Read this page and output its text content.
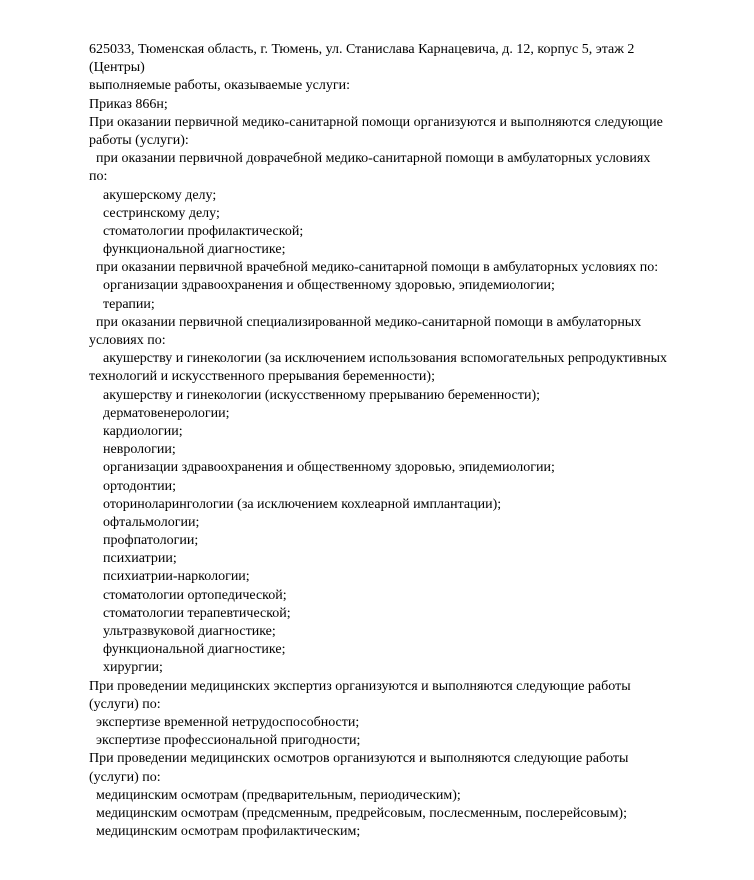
625033, Тюменская область, г. Тюмень, ул. Станислава Карнацевича, д. 12, корпус 5, этаж 2
(Центры)
выполняемые работы, оказываемые услуги:
Приказ 866н;
При оказании первичной медико-санитарной помощи организуются и выполняются следующие
работы (услуги):
при оказании первичной доврачебной медико-санитарной помощи в амбулаторных условиях
по:
акушерскому делу;
сестринскому делу;
стоматологии профилактической;
функциональной диагностике;
при оказании первичной врачебной медико-санитарной помощи в амбулаторных условиях по:
организации здравоохранения и общественному здоровью, эпидемиологии;
терапии;
при оказании первичной специализированной медико-санитарной помощи в амбулаторных
условиях по:
акушерству и гинекологии (за исключением использования вспомогательных репродуктивных
технологий и искусственного прерывания беременности);
акушерству и гинекологии (искусственному прерыванию беременности);
дерматовенерологии;
кардиологии;
неврологии;
организации здравоохранения и общественному здоровью, эпидемиологии;
ортодонтии;
оториноларингологии (за исключением кохлеарной имплантации);
офтальмологии;
профпатологии;
психиатрии;
психиатрии-наркологии;
стоматологии ортопедической;
стоматологии терапевтической;
ультразвуковой диагностике;
функциональной диагностике;
хирургии;
При проведении медицинских экспертиз организуются и выполняются следующие работы
(услуги) по:
экспертизе временной нетрудоспособности;
экспертизе профессиональной пригодности;
При проведении медицинских осмотров организуются и выполняются следующие работы
(услуги) по:
медицинским осмотрам (предварительным, периодическим);
медицинским осмотрам (предсменным, предрейсовым, послесменным, послерейсовым);
медицинским осмотрам профилактическим;
